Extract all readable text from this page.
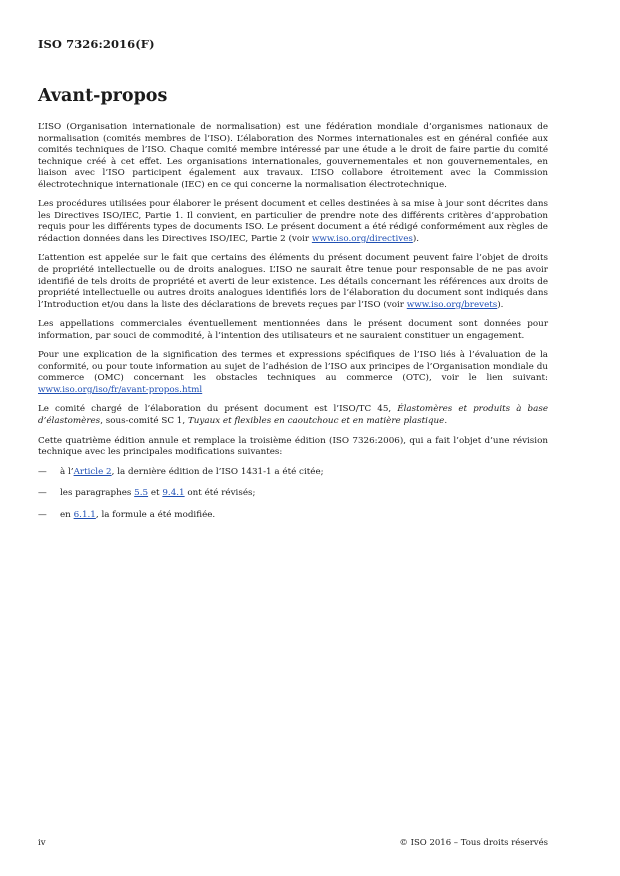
ISO 7326:2016(F)
Avant-propos

L’ISO (Organisation internationale de normalisation) est une fédération mondiale d’organismes nationaux de normalisation (comités membres de l’ISO). L’élaboration des Normes internationales est en général confiée aux comités techniques de l’ISO. Chaque comité membre intéressé par une étude a le droit de faire partie du comité technique créé à cet effet. Les organisations internationales, gouvernementales et non gouvernementales, en liaison avec l’ISO participent également aux travaux. L’ISO collabore étroitement avec la Commission électrotechnique internationale (IEC) en ce qui concerne la normalisation électrotechnique.

Les procédures utilisées pour élaborer le présent document et celles destinées à sa mise à jour sont décrites dans les Directives ISO/IEC, Partie 1. Il convient, en particulier de prendre note des différents critères d’approbation requis pour les différents types de documents ISO. Le présent document a été rédigé conformément aux règles de rédaction données dans les Directives ISO/IEC, Partie 2 (voir www.iso.org/directives).

L’attention est appelée sur le fait que certains des éléments du présent document peuvent faire l’objet de droits de propriété intellectuelle ou de droits analogues. L’ISO ne saurait être tenue pour responsable de ne pas avoir identifié de tels droits de propriété et averti de leur existence. Les détails concernant les références aux droits de propriété intellectuelle ou autres droits analogues identifiés lors de l’élaboration du document sont indiqués dans l’Introduction et/ou dans la liste des déclarations de brevets reçues par l’ISO (voir www.iso.org/brevets).

Les appellations commerciales éventuellement mentionnées dans le présent document sont données pour information, par souci de commodité, à l’intention des utilisateurs et ne sauraient constituer un engagement.

Pour une explication de la signification des termes et expressions spécifiques de l’ISO liés à l’évaluation de la conformité, ou pour toute information au sujet de l’adhésion de l’ISO aux principes de l’Organisation mondiale du commerce (OMC) concernant les obstacles techniques au commerce (OTC), voir le lien suivant: www.iso.org/iso/fr/avant-propos.html

Le comité chargé de l’élaboration du présent document est l’ISO/TC 45, Élastomères et produits à base d’élastomères, sous-comité SC 1, Tuyaux et flexibles en caoutchouc et en matière plastique.

Cette quatrième édition annule et remplace la troisième édition (ISO 7326:2006), qui a fait l’objet d’une révision technique avec les principales modifications suivantes:

—	à l’Article 2, la dernière édition de l’ISO 1431-1 a été citée;
—	les paragraphes 5.5 et 9.4.1 ont été révisés;
—	en 6.1.1, la formule a été modifiée.
iv	© ISO 2016 – Tous droits réservés
